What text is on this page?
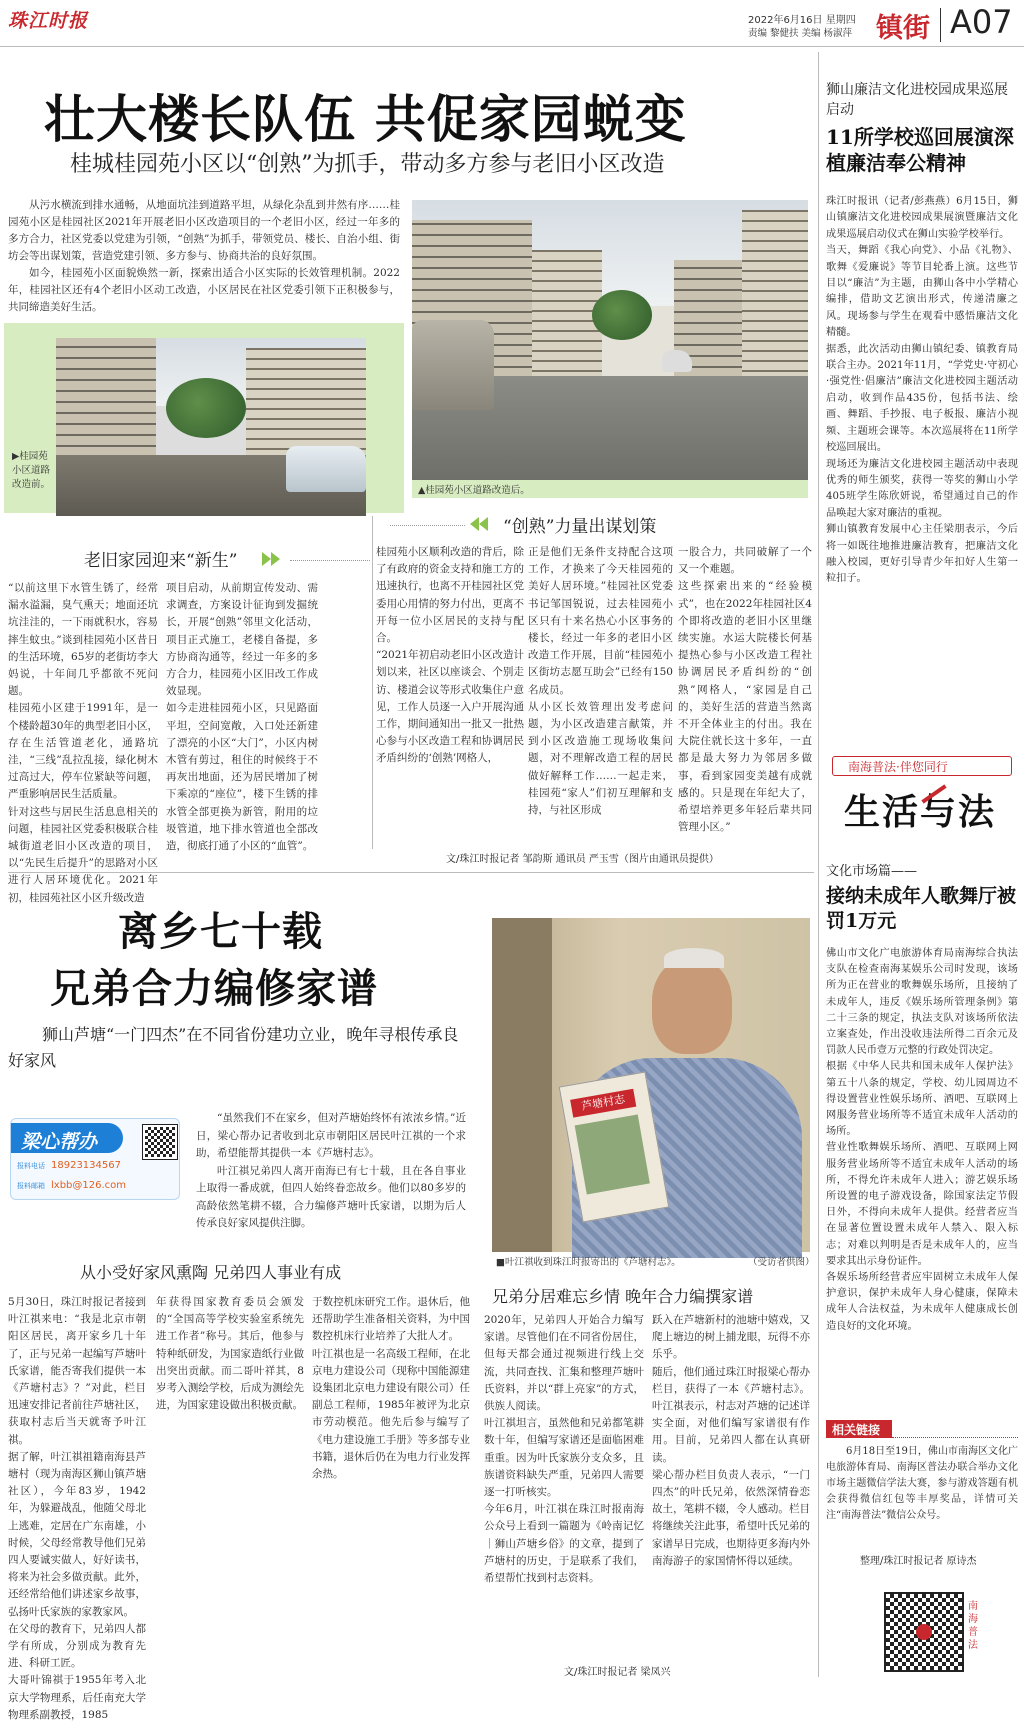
珠江时报	2022年6月16日 星期四
责编 黎健扶 美编 杨淑萍 镇街 A07
壮大楼长队伍 共促家园蜕变
桂城桂园苑小区以“创熟”为抓手，带动多方参与老旧小区改造

从污水横流到排水通畅，从地面坑洼到道路平坦，从绿化杂乱到井然有序……桂园苑小区是桂园社区2021年开展老旧小区改造项目的一个老旧小区，经过一年多的多方合力，社区党委以党建为引领，“创熟”为抓手，带领党员、楼长、自治小组、街坊会等出谋划策，营造党建引领、多方参与、协商共治的良好氛围。

如今，桂园苑小区面貌焕然一新，探索出适合小区实际的长效管理机制。2022年，桂园社区还有4个老旧小区动工改造，小区居民在社区党委引领下正积极参与，共同缔造美好生活。

▲桂园苑小区道路改造后。
▶桂园苑小区道路改造前。
老旧家园迎来“新生”
“创熟”力量出谋划策
“以前这里下水管生锈了，经常漏水溢漏，臭气熏天；地面还坑坑洼洼的，一下雨就积水，容易摔生蚊虫。”谈到桂园苑小区昔日的生活环境，65岁的老街坊李大妈说，十年间几乎都欲不死问题。
桂园苑小区建于1991年，是一个楼龄超30年的典型老旧小区，存在生活管道老化，通路坑洼，“三线”乱拉乱接，绿化树木过高过大，停车位紧缺等问题，严重影响居民生活质量。
针对这些与居民生活息息相关的问题，桂园社区党委积极联合桂城街道老旧小区改造的项目，以“先民生后提升”的思路对小区进行人居环境优化。2021年初，桂园苑社区小区升级改造
项目启动，从前期宣传发动、需求调查，方案设计征询到发掘统长，开展“创熟”邻里文化活动，项目正式施工，老楼自备提，多方协商沟通等，经过一年多的多方合力，桂园苑小区旧改工作成效显现。
如今走进桂园苑小区，只见路面平坦，空间宽敞，入口处还新建了漂亮的小区“大门”，小区内树木管有剪过，租住的时候终于不再灰出地面，还为居民增加了树下乘凉的“座位”，楼下生锈的排水管全部更换为新管，附用的垃圾管道，地下排水管道也全部改造，彻底打通了小区的“血管”。
桂园苑小区顺利改造的背后，除了有政府的资金支持和施工方的迅速执行，也离不开桂园社区党委用心用情的努力付出，更离不开每一位小区居民的支持与配合。
“2021年初启动老旧小区改造计划以来，社区以座谈会、个别走访、楼道会议等形式收集住户意见，工作人员逐一入户开展沟通工作，期间通知出一批又一批热心参与小区改造工程和协调居民矛盾纠纷的‘创熟’网格人，
正是他们无条件支持配合这项工作，才换来了今天桂园苑的美好人居环境。”桂园社区党委书记邹国锐说，过去桂园苑小区只有十来名热心小区事务的楼长，经过一年多的老旧小区改造工作开展，目前“桂园苑小区街坊志愿互助会”已经有150名成员。
从小区长效管理出发考虑问题，为小区改造建言献策，并到小区改造施工现场收集问题，对不理解改造工程的居民做好解释工作……一起走来，桂园苑“家人”们初互理解和支持，与社区形成
一股合力，共同破解了一个又一个难题。
这些探索出来的“经验模式”，也在2022年桂园社区4个即将改造的老旧小区里继续实施。水运大院楼长何基提热心参与小区改造工程社协调居民矛盾纠纷的“创熟”网格人，“家园是自己的，美好生活的营造当然离不开全体业主的付出。我在大院住就长这十多年，一直都是最大努力为邻居多做事，看到家园变美越有成就感的。只是现在年纪大了，希望培养更多年轻后辈共同管理小区。”
文/珠江时报记者 邹韵斯 通讯员 严玉雪（图片由通讯员提供）
离乡七十载
兄弟合力编修家谱
狮山芦塘“一门四杰”在不同省份建功立业，晚年寻根传承良好家风
梁心帮办
报料电话 18923134567
报料邮箱 lxbb@126.com

“虽然我们不在家乡，但对芦塘始终怀有浓浓乡情。”近日，梁心帮办记者收到北京市朝阳区居民叶江祺的一个求助，希望能帮其提供一本《芦塘村志》。

叶江祺兄弟四人离开南海已有七十载，且在各自事业上取得一番成就，但四人始终眷恋故乡。他们以80多岁的高龄依然笔耕不辍，合力编修芦塘叶氏家谱，以期为后人传承良好家风提供注脚。

芦塘村志
■叶江祺收到珠江时报寄出的《芦塘村志》。	（受访者供图）
从小受好家风熏陶 兄弟四人事业有成
兄弟分居难忘乡情 晚年合力编撰家谱
5月30日，珠江时报记者接到叶江祺来电：“我是北京市朝阳区居民，离开家乡几十年了，正与兄弟一起编写芦塘叶氏家谱，能否寄我们提供一本《芦塘村志》？”对此，栏目迅速安排记者前往芦塘社区，获取村志后当天就寄予叶江祺。
据了解，叶江祺祖籍南海县芦塘村（现为南海区狮山镇芦塘社区），今年83岁，1942年，为躲避战乱，他随父母北上逃难，定居在广东南雄，小时候，父母经常教导他们兄弟四人要诚实做人，好好读书，将来为社会多做贡献。此外，还经常给他们讲述家乡故事，弘扬叶氏家族的家教家风。
在父母的教育下，兄弟四人都学有所成，分别成为教育先进、科研工匠。
大哥叶锦祺于1955年考入北京大学物理系，后任南充大学物理系副教授，1985
年获得国家教育委员会颁发的“全国高等学校实验室系统先进工作者”称号。其后，他参与特种纸研发，为国家造纸行业做出突出贡献。而二哥叶祥其，8岁考入测绘学校，后成为测绘先进，为国家建设做出积极贡献。
于数控机床研究工作。退休后，他还帮助学生准备相关资料，为中国数控机床行业培养了大批人才。
叶江祺也是一名高级工程师，在北京电力建设公司（现称中国能源建设集团北京电力建设有限公司）任副总工程师，1985年被评为北京市劳动模范。他先后参与编写了《电力建设施工手册》等多部专业书籍，退休后仍在为电力行业发挥余热。
2020年，兄弟四人开始合力编写家谱。尽管他们在不同省份居住，但每天都会通过视频进行线上交流，共同查找、汇集和整理芦塘叶氏资料，并以“群上亮家”的方式，供族人阅读。
叶江祺坦言，虽然他和兄弟都笔耕数十年，但编写家谱还是面临困难重重。因为叶氏家族分支众多，且族谱资料缺失严重，兄弟四人需要逐一打听核实。
今年6月，叶江祺在珠江时报南海公众号上看到一篇题为《岭南记忆｜狮山芦塘乡俗》的文章，提到了芦塘村的历史，于是联系了我们，希望帮忙找到村志资料。
跃入在芦塘新村的池塘中嬉戏，又爬上塘边的树上捕龙眼，玩得不亦乐乎。
随后，他们通过珠江时报梁心帮办栏目，获得了一本《芦塘村志》。叶江祺表示，村志对芦塘的记述详实全面，对他们编写家谱很有作用。目前，兄弟四人都在认真研读。
梁心帮办栏目负责人表示，“一门四杰”的叶氏兄弟，依然深情眷恋故土，笔耕不辍，令人感动。栏目将继续关注此事，希望叶氏兄弟的家谱早日完成，也期待更多海内外南海游子的家国情怀得以延续。
文/珠江时报记者 梁凤兴
狮山廉洁文化进校园成果巡展启动
11所学校巡回展演深植廉洁奉公精神
珠江时报讯（记者/彭燕燕）6月15日，狮山镇廉洁文化进校园成果展演暨廉洁文化成果巡展启动仪式在狮山实验学校举行。
当天，舞蹈《我心向党》、小品《礼物》、歌舞《爱廉说》等节目轮番上演。这些节目以“廉洁”为主题，由狮山各中小学精心编排，借助文艺演出形式，传递清廉之风。现场参与学生在观看中感悟廉洁文化精髓。
据悉，此次活动由狮山镇纪委、镇教育局联合主办。2021年11月，“学党史·守初心·强党性·倡廉洁”廉洁文化进校园主题活动启动，收到作品435份，包括书法、绘画、舞蹈、手抄报、电子板报、廉洁小视频、主题班会课等。本次巡展将在11所学校巡回展出。
现场还为廉洁文化进校园主题活动中表现优秀的师生颁奖，获得一等奖的狮山小学405班学生陈欣妍说，希望通过自己的作品唤起大家对廉洁的重视。
狮山镇教育发展中心主任梁朋表示，今后将一如既往地推进廉洁教育，把廉洁文化融入校园，更好引导青少年扣好人生第一粒扣子。
南海普法·伴您同行
生活与法
文化市场篇——
接纳未成年人歌舞厅被罚1万元
佛山市文化广电旅游体育局南海综合执法支队在检查南海某娱乐公司时发现，该场所为正在营业的歌舞娱乐场所，且接纳了未成年人，违反《娱乐场所管理条例》第二十三条的规定，执法支队对该场所依法立案查处，作出没收违法所得二百余元及罚款人民币壹万元整的行政处罚决定。
根据《中华人民共和国未成年人保护法》第五十八条的规定，学校、幼儿园周边不得设置营业性娱乐场所、酒吧、互联网上网服务营业场所等不适宜未成年人活动的场所。
营业性歌舞娱乐场所、酒吧、互联网上网服务营业场所等不适宜未成年人活动的场所，不得允许未成年人进入；游艺娱乐场所设置的电子游戏设备，除国家法定节假日外，不得向未成年人提供。经营者应当在显著位置设置未成年人禁入、限入标志；对难以判明是否是未成年人的，应当要求其出示身份证件。
各娱乐场所经营者应牢固树立未成年人保护意识，保护未成年人身心健康，保障未成年人合法权益，为未成年人健康成长创造良好的文化环境。
相关链接
6月18日至19日，佛山市南海区文化广电旅游体育局、南海区普法办联合举办文化市场主题微信学法大赛，参与游戏答题有机会获得微信红包等丰厚奖品，详情可关注“南海普法”微信公众号。
整理/珠江时报记者 原诗杰
南海普法
